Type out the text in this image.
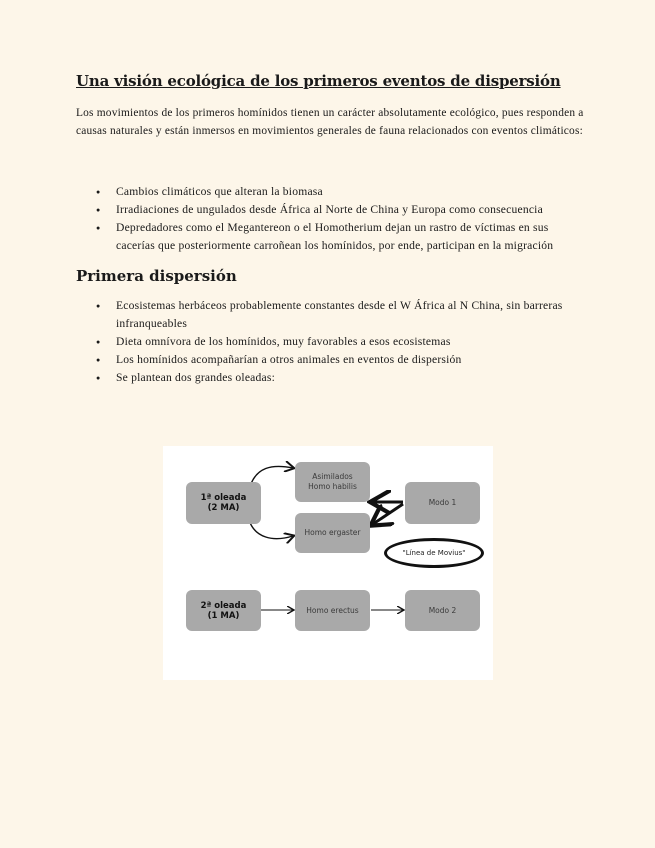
Una visión ecológica de los primeros eventos de dispersión

Los movimientos de los primeros homínidos tienen un carácter absolutamente ecológico, pues responden a causas naturales y están inmersos en movimientos generales de fauna relacionados con eventos climáticos:

● Cambios climáticos que alteran la biomasa
● Irradiaciones de ungulados desde África al Norte de China y Europa como consecuencia
● Depredadores como el Megantereon o el Homotherium dejan un rastro de víctimas en sus cacerías que posteriormente carroñean los homínidos, por ende, participan en la migración
Primera dispersión
● Ecosistemas herbáceos probablemente constantes desde el W África al N China, sin barreras infranqueables
● Dieta omnívora de los homínidos, muy favorables a esos ecosistemas
● Los homínidos acompañarían a otros animales en eventos de dispersión
● Se plantean dos grandes oleadas:
1ª oleada
(2 MA)
Asimilados
Homo habilis
Homo ergaster
Modo 1
"Línea de Movius"
2ª oleada
(1 MA)
Homo erectus	Modo 2
